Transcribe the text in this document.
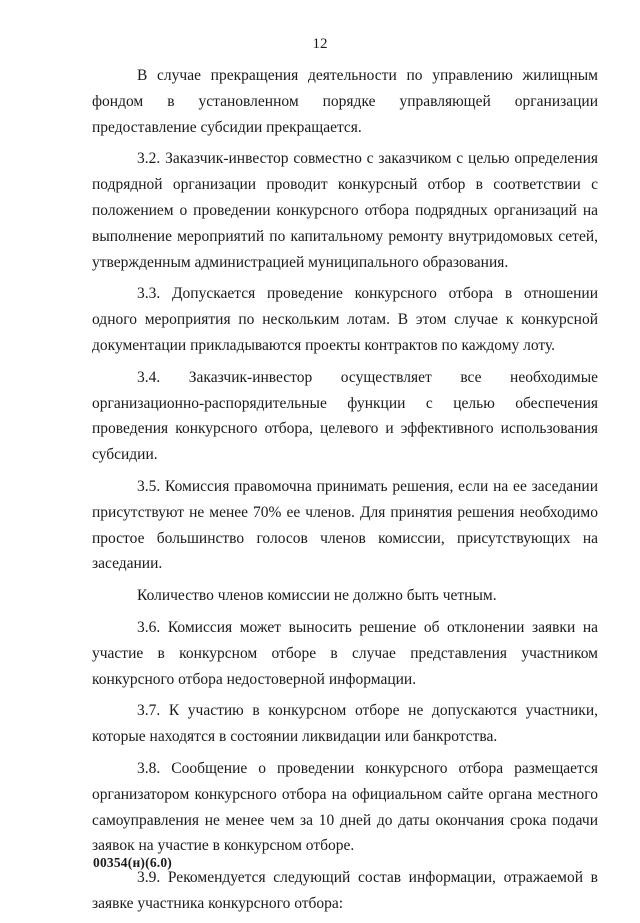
12

В случае прекращения деятельности по управлению жилищным фондом в установленном порядке управляющей организации предоставление субсидии прекращается.

3.2. Заказчик-инвестор совместно с заказчиком с целью определения подрядной организации проводит конкурсный отбор в соответствии с положением о проведении конкурсного отбора подрядных организаций на выполнение мероприятий по капитальному ремонту внутридомовых сетей, утвержденным администрацией муниципального образования.

3.3. Допускается проведение конкурсного отбора в отношении одного мероприятия по нескольким лотам. В этом случае к конкурсной документации прикладываются проекты контрактов по каждому лоту.

3.4. Заказчик-инвестор осуществляет все необходимые организационно-распорядительные функции с целью обеспечения проведения конкурсного отбора, целевого и эффективного использования субсидии.

3.5. Комиссия правомочна принимать решения, если на ее заседании присутствуют не менее 70% ее членов. Для принятия решения необходимо простое большинство голосов членов комиссии, присутствующих на заседании.

Количество членов комиссии не должно быть четным.

3.6. Комиссия может выносить решение об отклонении заявки на участие в конкурсном отборе в случае представления участником конкурсного отбора недостоверной информации.

3.7. К участию в конкурсном отборе не допускаются участники, которые находятся в состоянии ликвидации или банкротства.

3.8. Сообщение о проведении конкурсного отбора размещается организатором конкурсного отбора на официальном сайте органа местного самоуправления не менее чем за 10 дней до даты окончания срока подачи заявок на участие в конкурсном отборе.

3.9. Рекомендуется следующий состав информации, отражаемой в заявке участника конкурсного отбора:

00354(н)(6.0)
